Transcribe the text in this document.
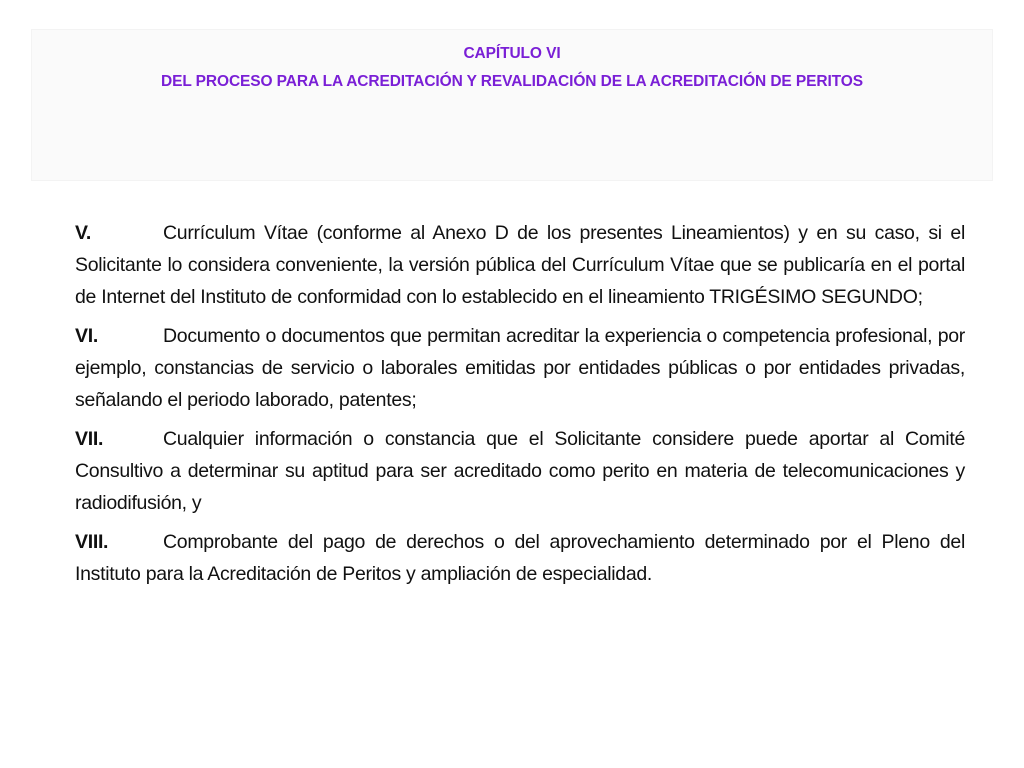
CAPÍTULO VI
DEL PROCESO PARA LA ACREDITACIÓN Y REVALIDACIÓN DE LA ACREDITACIÓN DE PERITOS

V.	Currículum Vítae (conforme al Anexo D de los presentes Lineamientos) y en su caso, si el Solicitante lo considera conveniente, la versión pública del Currículum Vítae que se publicaría en el portal de Internet del Instituto de conformidad con lo establecido en el lineamiento TRIGÉSIMO SEGUNDO;

VI.	Documento o documentos que permitan acreditar la experiencia o competencia profesional, por ejemplo, constancias de servicio o laborales emitidas por entidades públicas o por entidades privadas, señalando el periodo laborado, patentes;

VII.	Cualquier información o constancia que el Solicitante considere puede aportar al Comité Consultivo a determinar su aptitud para ser acreditado como perito en materia de telecomunicaciones y radiodifusión, y

VIII.	Comprobante del pago de derechos o del aprovechamiento determinado por el Pleno del Instituto para la Acreditación de Peritos y ampliación de especialidad.
